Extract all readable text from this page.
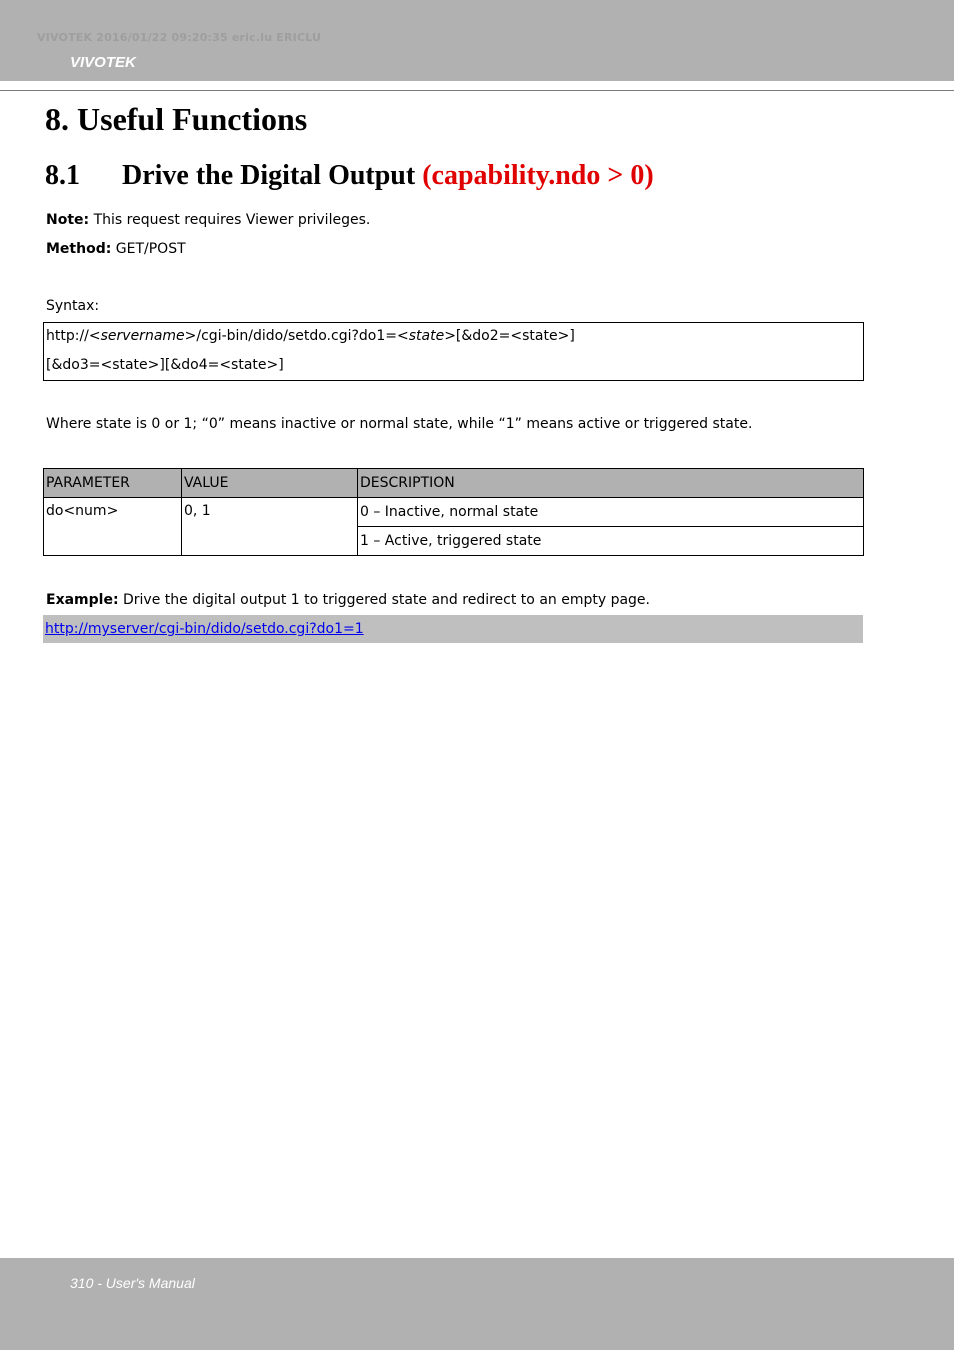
VIVOTEK 2016/01/22 09:20:35 eric.lu ERICLU
VIVOTEK
8. Useful Functions
8.1 Drive the Digital Output (capability.ndo > 0)
Note: This request requires Viewer privileges.
Method: GET/POST
Syntax:
http://<servername>/cgi-bin/dido/setdo.cgi?do1=<state>[&do2=<state>]
[&do3=<state>][&do4=<state>]
Where state is 0 or 1; “0” means inactive or normal state, while “1” means active or triggered state.
PARAMETER	VALUE	DESCRIPTION
do<num>	0, 1	0 – Inactive, normal state
		1 – Active, triggered state
Example: Drive the digital output 1 to triggered state and redirect to an empty page.
http://myserver/cgi-bin/dido/setdo.cgi?do1=1
310 - User's Manual
